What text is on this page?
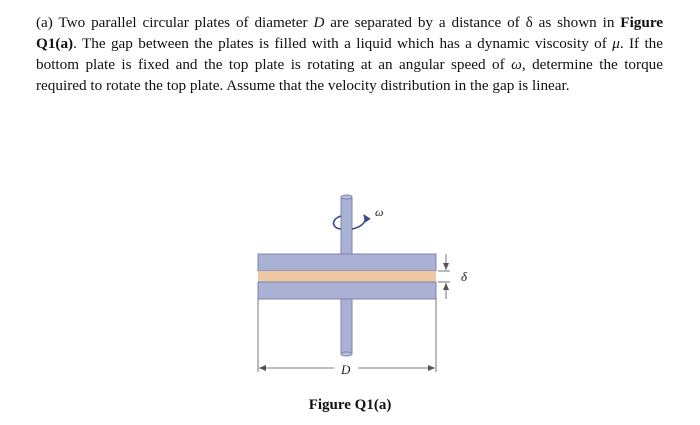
(a) Two parallel circular plates of diameter D are separated by a distance of δ as shown in Figure Q1(a). The gap between the plates is filled with a liquid which has a dynamic viscosity of μ. If the bottom plate is fixed and the top plate is rotating at an angular speed of ω, determine the torque required to rotate the top plate. Assume that the velocity distribution in the gap is linear.
ω
δ
D
Figure Q1(a)
